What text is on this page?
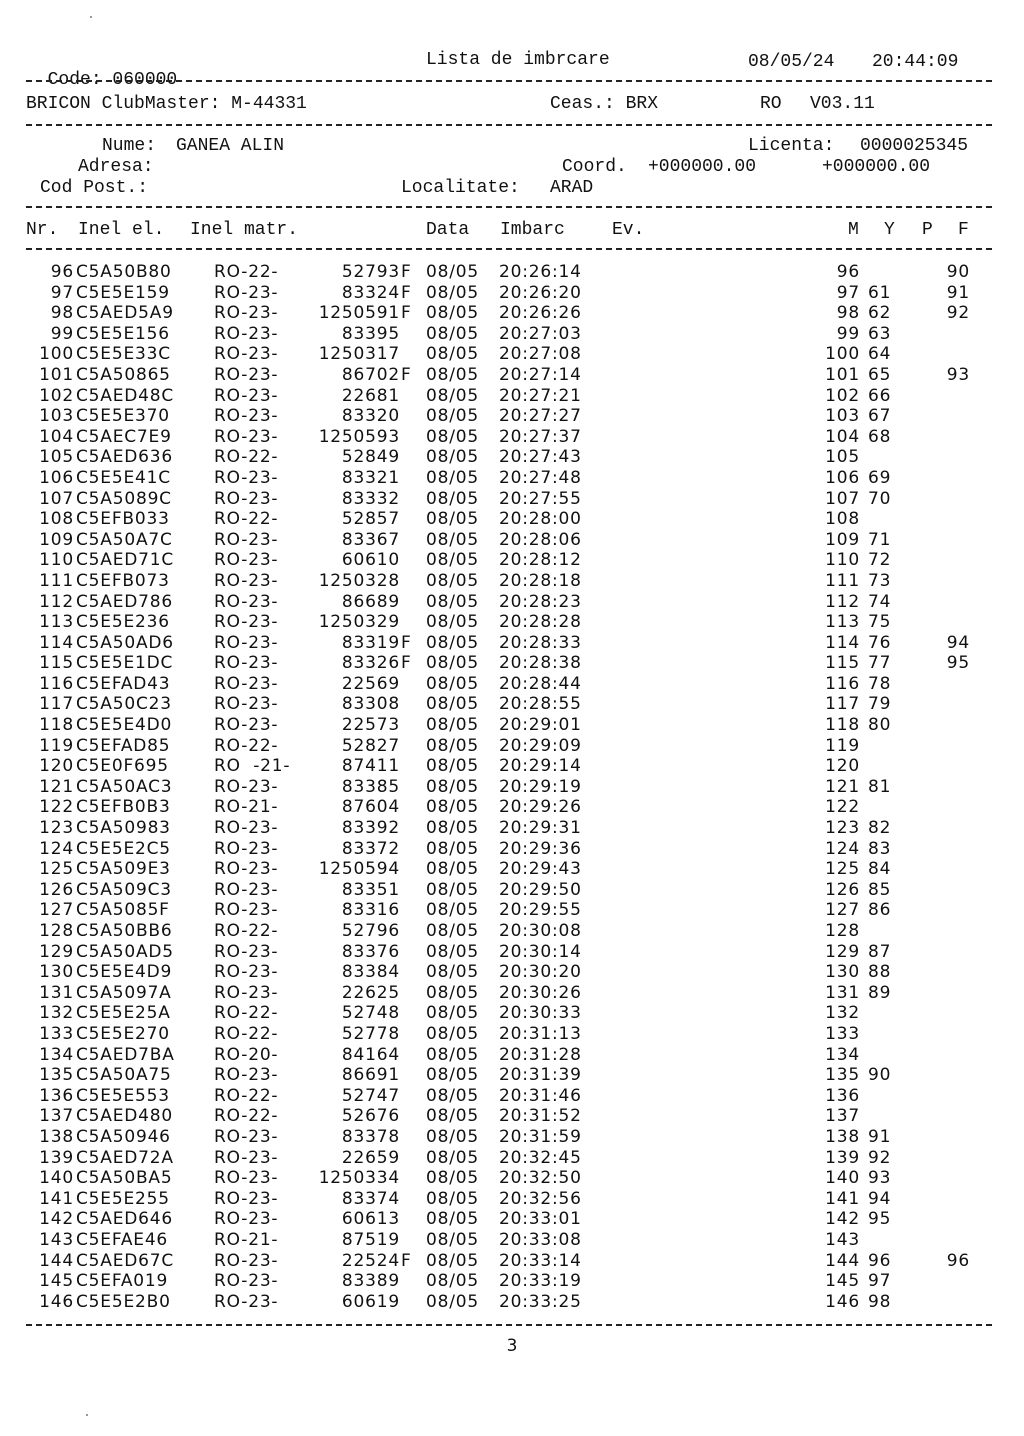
Code: 060000

Lista de imbrcare	08/05/24 20:44:09
BRICON ClubMaster: M-44331	Ceas.: BRX	RO V03.11
Nume: GANEA ALIN	Licenta: 0000025345
Adresa:	Coord. +000000.00	+000000.00
Cod Post.:	Localitate: ARAD
Nr. Inel el. Inel matr.	Data Imbarc	Ev.	M Y P F
96 C5A50B80 RO-22-	52793 F 08/05 20:26:14	96	90
97 C5E5E159	RO-23-	83324 F 08/05 20:26:20	97 61	91
98 C5AED5A9 RO-23-	1250591 F 08/05 20:26:26	98 62	92
99 C5E5E156	RO-23-	83395 08/05 20:27:03	99 63
100 C5E5E33C	RO-23-	1250317 08/05 20:27:08	100 64
101 C5A50865	RO-23-	86702 F 08/05 20:27:14	101 65	93
102 C5AED48C RO-23-	22681 08/05 20:27:21	102 66
103 C5E5E370	RO-23-	83320 08/05 20:27:27	103 67
104 C5AEC7E9 RO-23-	1250593 08/05 20:27:37	104 68
105 C5AED636 RO-22-	52849 08/05 20:27:43	105
106 C5E5E41C	RO-23-	83321 08/05 20:27:48	106 69
107 C5A5089C RO-23-	83332 08/05 20:27:55	107 70
108 C5EFB033	RO-22-	52857 08/05 20:28:00	108
109 C5A50A7C RO-23-	83367 08/05 20:28:06	109 71
110 C5AED71C RO-23-	60610 08/05 20:28:12	110 72
111 C5EFB073	RO-23-	1250328 08/05 20:28:18	111 73
112 C5AED786 RO-23-	86689 08/05 20:28:23	112 74
113 C5E5E236	RO-23-	1250329 08/05 20:28:28	113 75
114 C5A50AD6 RO-23-	83319 F 08/05 20:28:33	114 76	94
115 C5E5E1DC RO-23-	83326 F 08/05 20:28:38	115 77	95
116 C5EFAD43	RO-23-	22569 08/05 20:28:44	116 78
117 C5A50C23 RO-23-	83308 08/05 20:28:55	117 79
118 C5E5E4D0 RO-23-	22573 08/05 20:29:01	118 80
119 C5EFAD85	RO-22-	52827 08/05 20:29:09	119
120 C5E0F695	RO  -21-	87411 08/05 20:29:14	120
121 C5A50AC3 RO-23-	83385 08/05 20:29:19	121 81
122 C5EFB0B3	RO-21-	87604 08/05 20:29:26	122
123 C5A50983	RO-23-	83392 08/05 20:29:31	123 82
124 C5E5E2C5	RO-23-	83372 08/05 20:29:36	124 83
125 C5A509E3	RO-23-	1250594 08/05 20:29:43	125 84
126 C5A509C3 RO-23-	83351 08/05 20:29:50	126 85
127 C5A5085F	RO-23-	83316 08/05 20:29:55	127 86
128 C5A50BB6 RO-22-	52796 08/05 20:30:08	128
129 C5A50AD5 RO-23-	83376 08/05 20:30:14	129 87
130 C5E5E4D9 RO-23-	83384 08/05 20:30:20	130 88
131 C5A5097A RO-23-	22625 08/05 20:30:26	131 89
132 C5E5E25A	RO-22-	52748 08/05 20:30:33	132
133 C5E5E270	RO-22-	52778 08/05 20:31:13	133
134 C5AED7BA RO-20-	84164 08/05 20:31:28	134
135 C5A50A75 RO-23-	86691 08/05 20:31:39	135 90
136 C5E5E553	RO-22-	52747 08/05 20:31:46	136
137 C5AED480 RO-22-	52676 08/05 20:31:52	137
138 C5A50946	RO-23-	83378 08/05 20:31:59	138 91
139 C5AED72A RO-23-	22659 08/05 20:32:45	139 92
140 C5A50BA5 RO-23-	1250334 08/05 20:32:50	140 93
141 C5E5E255	RO-23-	83374 08/05 20:32:56	141 94
142 C5AED646 RO-23-	60613 08/05 20:33:01	142 95
143 C5EFAE46	RO-21-	87519 08/05 20:33:08	143
144 C5AED67C RO-23-	22524 F 08/05 20:33:14	144 96	96
145 C5EFA019	RO-23-	83389 08/05 20:33:19	145 97
146 C5E5E2B0	RO-23-	60619 08/05 20:33:25	146 98
3
